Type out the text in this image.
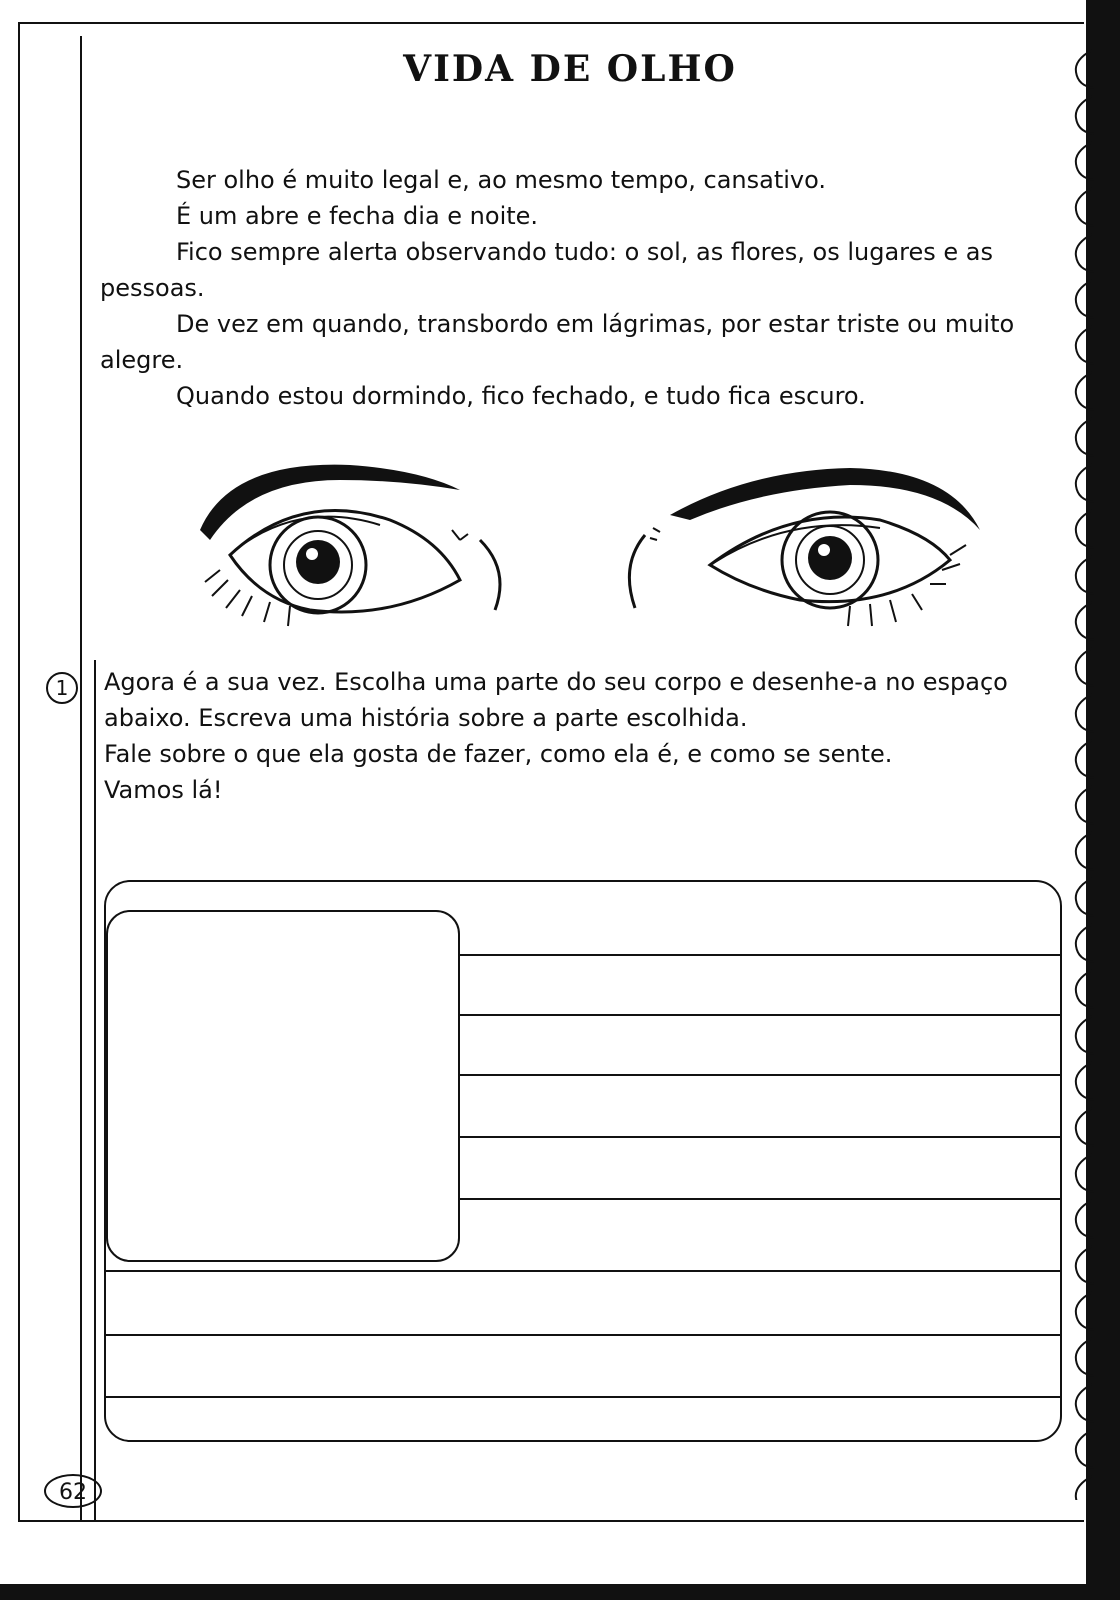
VIDA DE OLHO

Ser olho é muito legal e, ao mesmo tempo, cansativo.

É um abre e fecha dia e noite.

Fico sempre alerta observando tudo: o sol, as flores, os lugares e as pessoas.

De vez em quando, transbordo em lágrimas, por estar triste ou muito alegre.

Quando estou dormindo, fico fechado, e tudo fica escuro.

1	Agora é a sua vez. Escolha uma parte do seu corpo e desenhe-a no espaço abaixo. Escreva uma história sobre a parte escolhida.
Fale sobre o que ela gosta de fazer, como ela é, e como se sente.
Vamos lá!
62
